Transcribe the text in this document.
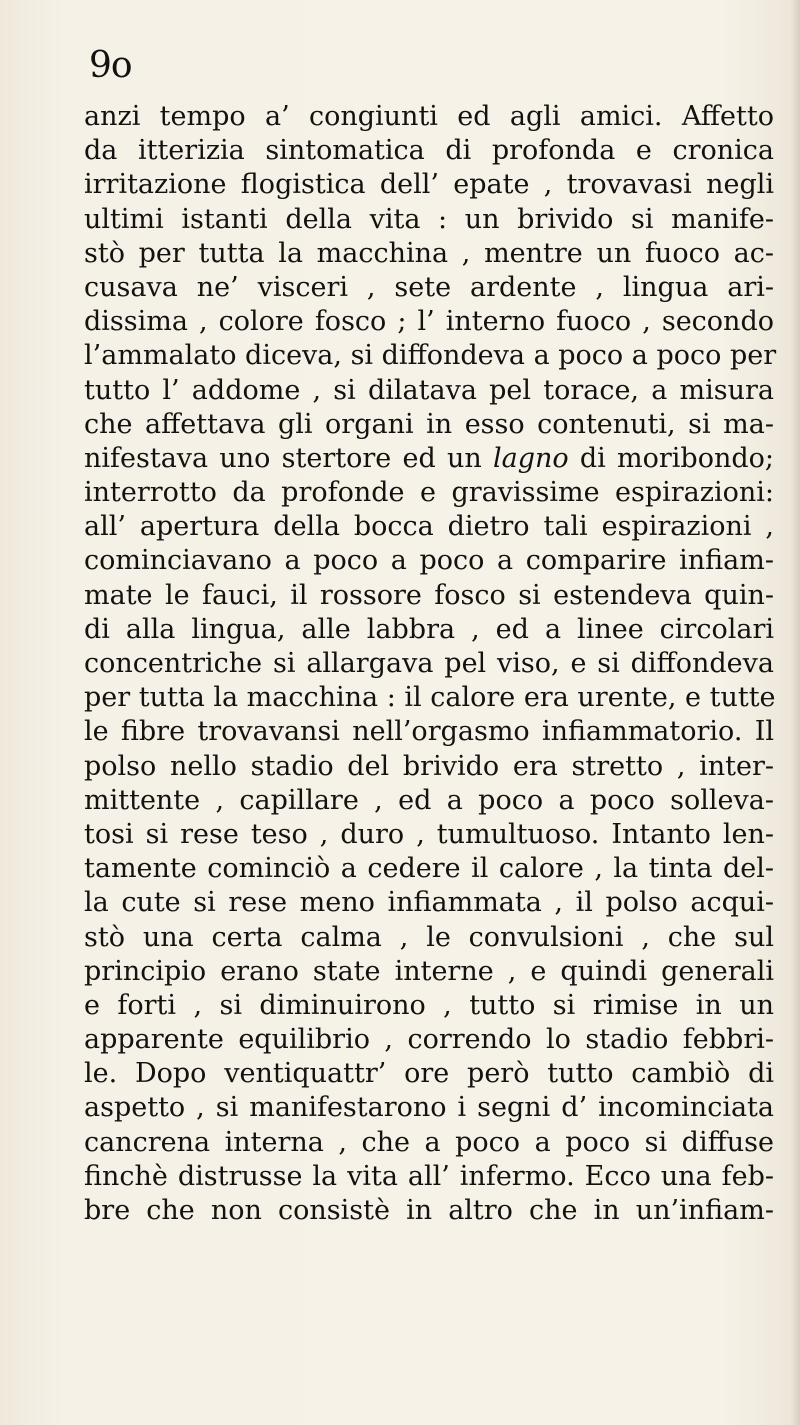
9o
anzi tempo a’ congiunti ed agli amici. Affetto
da itterizia sintomatica di profonda e cronica
irritazione flogistica dell’ epate , trovavasi negli
ultimi istanti della vita : un brivido si manife-
stò per tutta la macchina , mentre un fuoco ac-
cusava ne’ visceri , sete ardente , lingua ari-
dissima , colore fosco ; l’ interno fuoco , secondo
l’ammalato diceva, si diffondeva a poco a poco per
tutto l’ addome , si dilatava pel torace, a misura
che affettava gli organi in esso contenuti, si ma-
nifestava uno stertore ed un lagno di moribondo;
interrotto da profonde e gravissime espirazioni:
all’ apertura della bocca dietro tali espirazioni ,
cominciavano a poco a poco a comparire infiam-
mate le fauci, il rossore fosco si estendeva quin-
di alla lingua, alle labbra , ed a linee circolari
concentriche si allargava pel viso, e si diffondeva
per tutta la macchina : il calore era urente, e tutte
le fibre trovavansi nell’orgasmo infiammatorio. Il
polso nello stadio del brivido era stretto , inter-
mittente , capillare , ed a poco a poco solleva-
tosi si rese teso , duro , tumultuoso. Intanto len-
tamente cominciò a cedere il calore , la tinta del-
la cute si rese meno infiammata , il polso acqui-
stò una certa calma , le convulsioni , che sul
principio erano state interne , e quindi generali
e forti , si diminuirono , tutto si rimise in un
apparente equilibrio , correndo lo stadio febbri-
le. Dopo ventiquattr’ ore però tutto cambiò di
aspetto , si manifestarono i segni d’ incominciata
cancrena interna , che a poco a poco si diffuse
finchè distrusse la vita all’ infermo. Ecco una feb-
bre che non consistè in altro che in un’infiam-
